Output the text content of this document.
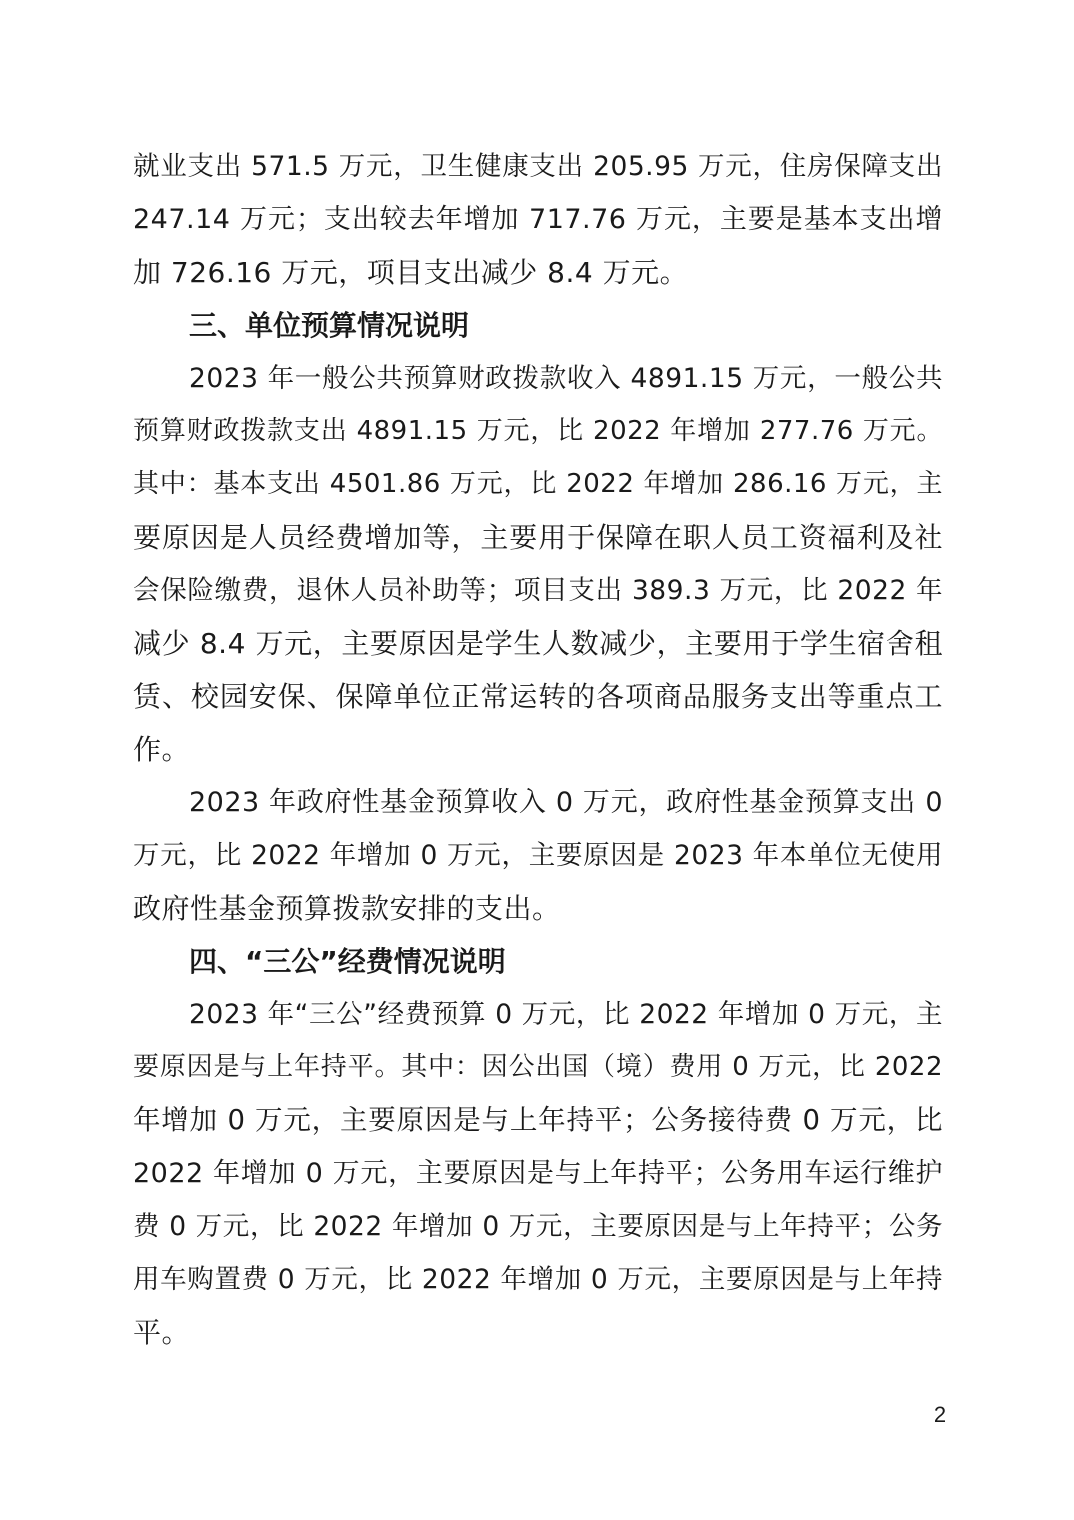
就业支出 571.5 万元，卫生健康支出 205.95 万元，住房保障支出
247.14 万元；支出较去年增加 717.76 万元，主要是基本支出增
加 726.16 万元，项目支出减少 8.4 万元。
三、单位预算情况说明
2023 年一般公共预算财政拨款收入 4891.15 万元，一般公共
预算财政拨款支出 4891.15 万元，比 2022 年增加 277.76 万元。
其中：基本支出 4501.86 万元，比 2022 年增加 286.16 万元，主
要原因是人员经费增加等，主要用于保障在职人员工资福利及社
会保险缴费，退休人员补助等；项目支出 389.3 万元，比 2022 年
减少 8.4 万元，主要原因是学生人数减少，主要用于学生宿舍租
赁、校园安保、保障单位正常运转的各项商品服务支出等重点工
作。
2023 年政府性基金预算收入 0 万元，政府性基金预算支出 0
万元，比 2022 年增加 0 万元，主要原因是 2023 年本单位无使用
政府性基金预算拨款安排的支出。
四、“三公”经费情况说明
2023 年“三公”经费预算 0 万元，比 2022 年增加 0 万元，主
要原因是与上年持平。其中：因公出国（境）费用 0 万元，比 2022
年增加 0 万元，主要原因是与上年持平；公务接待费 0 万元，比
2022 年增加 0 万元，主要原因是与上年持平；公务用车运行维护
费 0 万元，比 2022 年增加 0 万元，主要原因是与上年持平；公务
用车购置费 0 万元，比 2022 年增加 0 万元，主要原因是与上年持
平。
2
